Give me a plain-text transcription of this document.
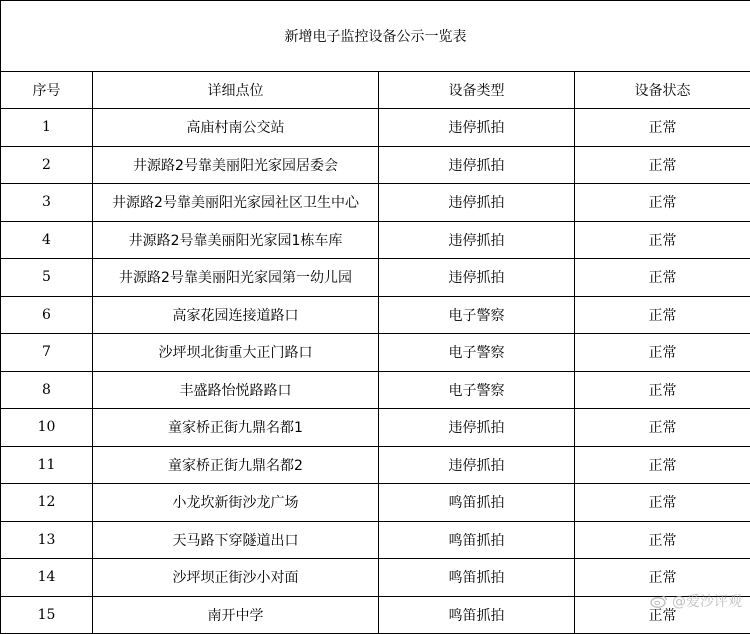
新增电子监控设备公示一览表			
序号	详细点位	设备类型	设备状态
1	高庙村南公交站	违停抓拍	正常
2	井源路2号靠美丽阳光家园居委会	违停抓拍	正常
3	井源路2号靠美丽阳光家园社区卫生中心	违停抓拍	正常
4	井源路2号靠美丽阳光家园1栋车库	违停抓拍	正常
5	井源路2号靠美丽阳光家园第一幼儿园	违停抓拍	正常
6	高家花园连接道路口	电子警察	正常
7	沙坪坝北街重大正门路口	电子警察	正常
8	丰盛路怡悦路路口	电子警察	正常
10	童家桥正街九鼎名都1	违停抓拍	正常
11	童家桥正街九鼎名都2	违停抓拍	正常
12	小龙坎新街沙龙广场	鸣笛抓拍	正常
13	天马路下穿隧道出口	鸣笛抓拍	正常
14	沙坪坝正街沙小对面	鸣笛抓拍	正常
15	南开中学	鸣笛抓拍	正常
@爱沙评观
